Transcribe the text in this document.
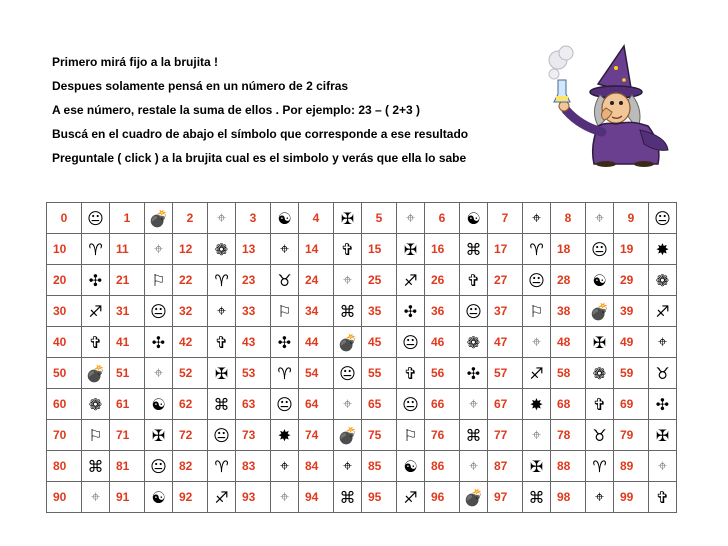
Primero mirá fijo a la brujita !

Despues solamente pensá en un número de 2 cifras

A ese número, restale la suma de ellos . Por ejemplo: 23 – ( 2+3 )

Buscá en el cuadro de abajo el símbolo que corresponde a ese resultado

Preguntale ( click ) a la brujita cual es el simbolo y verás que ella lo sabe

0	😐	1	💣	2	⌖	3	☯	4	✠	5	⌖	6	☯	7	⌖	8	⌖	9	😐
10	♈	11	⌖	12	❁	13	⌖	14	✞	15	✠	16	⌘	17	♈	18	😐	19	✸
20	✣	21	⚐	22	♈	23	♉	24	⌖	25	♐	26	✞	27	😐	28	☯	29	❁
30	♐	31	😐	32	⌖	33	⚐	34	⌘	35	✣	36	😐	37	⚐	38	💣	39	♐
40	✞	41	✣	42	✞	43	✣	44	💣	45	😐	46	❁	47	⌖	48	✠	49	⌖
50	💣	51	⌖	52	✠	53	♈	54	😐	55	✞	56	✣	57	♐	58	❁	59	♉
60	❁	61	☯	62	⌘	63	😐	64	⌖	65	😐	66	⌖	67	✸	68	✞	69	✣
70	⚐	71	✠	72	😐	73	✸	74	💣	75	⚐	76	⌘	77	⌖	78	♉	79	✠
80	⌘	81	😐	82	♈	83	⌖	84	⌖	85	☯	86	⌖	87	✠	88	♈	89	⌖
90	⌖	91	☯	92	♐	93	⌖	94	⌘	95	♐	96	💣	97	⌘	98	⌖	99	✞
